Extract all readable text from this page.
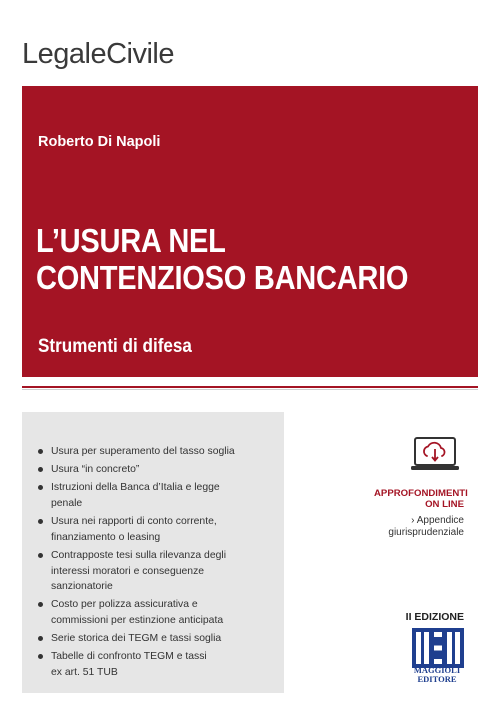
LegaleCivile
Roberto Di Napoli
L’USURA NEL
CONTENZIOSO BANCARIO
Strumenti di difesa
Usura per superamento del tasso soglia
Usura “in concreto”
Istruzioni della Banca d’Italia e legge
penale
Usura nei rapporti di conto corrente,
finanziamento o leasing
Contrapposte tesi sulla rilevanza degli
interessi moratori e conseguenze
sanzionatorie
Costo per polizza assicurativa e
commissioni per estinzione anticipata
Serie storica dei TEGM e tassi soglia
Tabelle di confronto TEGM e tassi
ex art. 51 TUB
APPROFONDIMENTI
ON LINE
› Appendice
giurisprudenziale
II EDIZIONE
MAGGIOLI
EDITORE
